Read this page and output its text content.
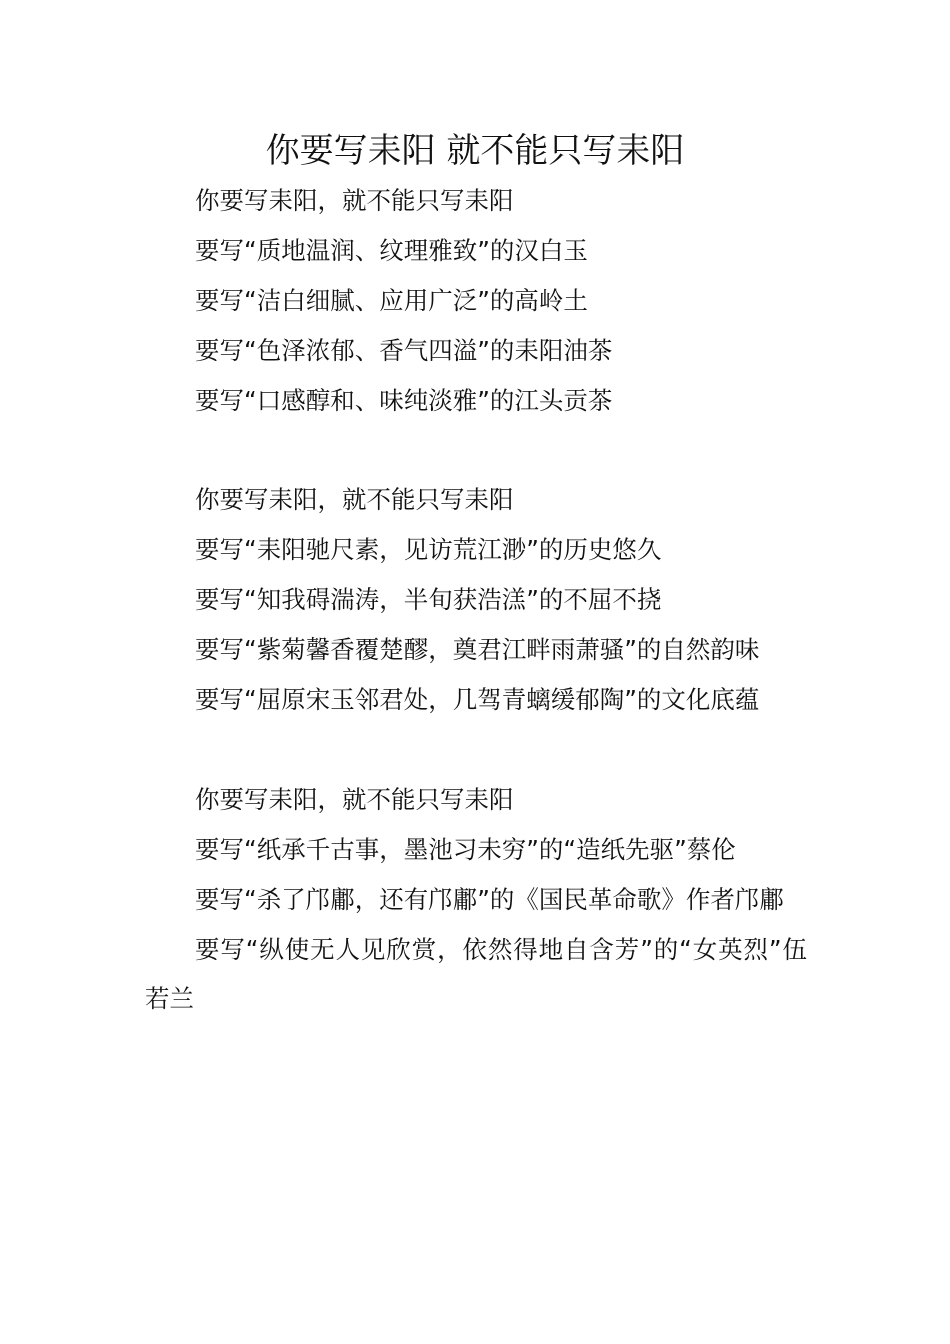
你要写耒阳 就不能只写耒阳

你要写耒阳，就不能只写耒阳

要写“质地温润、纹理雅致”的汉白玉

要写“洁白细腻、应用广泛”的高岭土

要写“色泽浓郁、香气四溢”的耒阳油茶

要写“口感醇和、味纯淡雅”的江头贡茶

你要写耒阳，就不能只写耒阳

要写“耒阳驰尺素，见访荒江渺”的历史悠久

要写“知我碍湍涛，半旬获浩溔”的不屈不挠

要写“紫菊馨香覆楚醪，奠君江畔雨萧骚”的自然韵味

要写“屈原宋玉邻君处，几驾青螭缓郁陶”的文化底蕴

你要写耒阳，就不能只写耒阳

要写“纸承千古事，墨池习未穷”的“造纸先驱”蔡伦

要写“杀了邝鄘，还有邝鄘”的《国民革命歌》作者邝鄘

要写“纵使无人见欣赏，依然得地自含芳”的“女英烈”伍若兰
